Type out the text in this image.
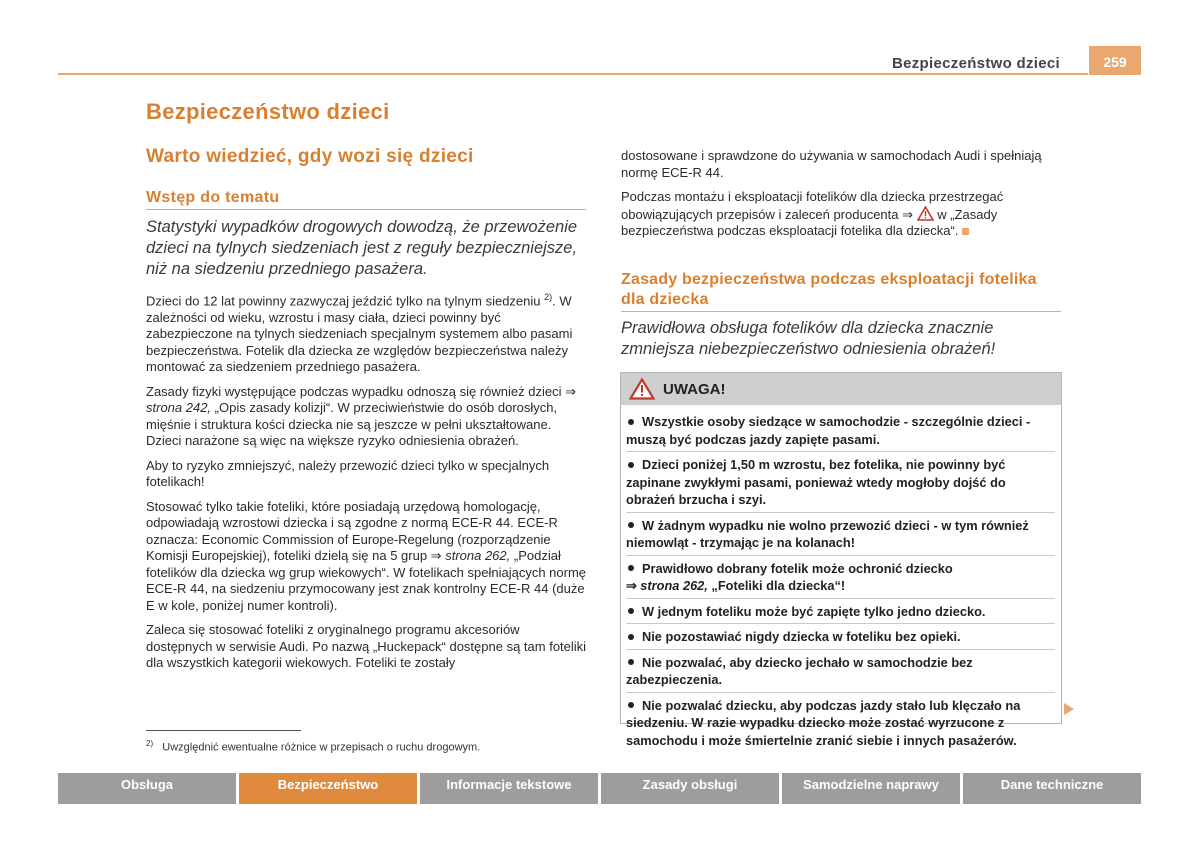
Bezpieczeństwo dzieci	259
Bezpieczeństwo dzieci
Warto wiedzieć, gdy wozi się dzieci
Wstęp do tematu
Statystyki wypadków drogowych dowodzą, że przewożenie dzieci na tylnych siedzeniach jest z reguły bezpieczniejsze, niż na siedzeniu przedniego pasażera.

Dzieci do 12 lat powinny zazwyczaj jeździć tylko na tylnym siedzeniu $^{2)}$. W zależności od wieku, wzrostu i masy ciała, dzieci powinny być zabezpieczone na tylnych siedzeniach specjalnym systemem albo pasami bezpieczeństwa. Fotelik dla dziecka ze względów bezpieczeństwa należy montować za siedzeniem przedniego pasażera.

Zasady fizyki występujące podczas wypadku odnoszą się również dzieci ⇒ strona 242, „Opis zasady kolizji“. W przeciwieństwie do osób dorosłych, mięśnie i struktura kości dziecka nie są jeszcze w pełni ukształtowane. Dzieci narażone są więc na większe ryzyko odniesienia obrażeń.

Aby to ryzyko zmniejszyć, należy przewozić dzieci tylko w specjalnych fotelikach!

Stosować tylko takie foteliki, które posiadają urzędową homologację, odpowiadają wzrostowi dziecka i są zgodne z normą ECE-R 44. ECE-R oznacza: Economic Commission of Europe-Regelung (rozporządzenie Komisji Europejskiej), foteliki dzielą się na 5 grup ⇒ strona 262, „Podział fotelików dla dziecka wg grup wiekowych“. W fotelikach spełniających normę ECE-R 44, na siedzeniu przymocowany jest znak kontrolny ECE-R 44 (duże E w kole, poniżej numer kontroli).

Zaleca się stosować foteliki z oryginalnego programu akcesoriów dostępnych w serwisie Audi. Po nazwą „Huckepack“ dostępne są tam foteliki dla wszystkich kategorii wiekowych. Foteliki te zostały

dostosowane i sprawdzone do używania w samochodach Audi i spełniają normę ECE-R 44.

Podczas montażu i eksploatacji fotelików dla dziecka przestrzegać obowiązujących przepisów i zaleceń producenta ⇒  w „Zasady bezpieczeństwa podczas eksploatacji fotelika dla dziecka“.

Zasady bezpieczeństwa podczas eksploatacji fotelika dla dziecka
Prawidłowa obsługa fotelików dla dziecka znacznie zmniejsza niebezpieczeństwo odniesienia obrażeń!
UWAGA!
Wszystkie osoby siedzące w samochodzie - szczególnie dzieci - muszą być podczas jazdy zapięte pasami.
Dzieci poniżej 1,50 m wzrostu, bez fotelika, nie powinny być zapinane zwykłymi pasami, ponieważ wtedy mogłoby dojść do obrażeń brzucha i szyi.
W żadnym wypadku nie wolno przewozić dzieci - w tym również niemowląt - trzymając je na kolanach!
Prawidłowo dobrany fotelik może ochronić dziecko
⇒ strona 262, „Foteliki dla dziecka“!
W jednym foteliku może być zapięte tylko jedno dziecko.
Nie pozostawiać nigdy dziecka w foteliku bez opieki.
Nie pozwalać, aby dziecko jechało w samochodzie bez zabezpieczenia.
Nie pozwalać dziecku, aby podczas jazdy stało lub klęczało na siedzeniu. W razie wypadku dziecko może zostać wyrzucone z samochodu i może śmiertelnie zranić siebie i innych pasażerów.
$^{2)}$ Uwzględnić ewentualne różnice w przepisach o ruchu drogowym.
Obsługa	Bezpieczeństwo	Informacje tekstowe	Zasady obsługi	Samodzielne naprawy	Dane techniczne
